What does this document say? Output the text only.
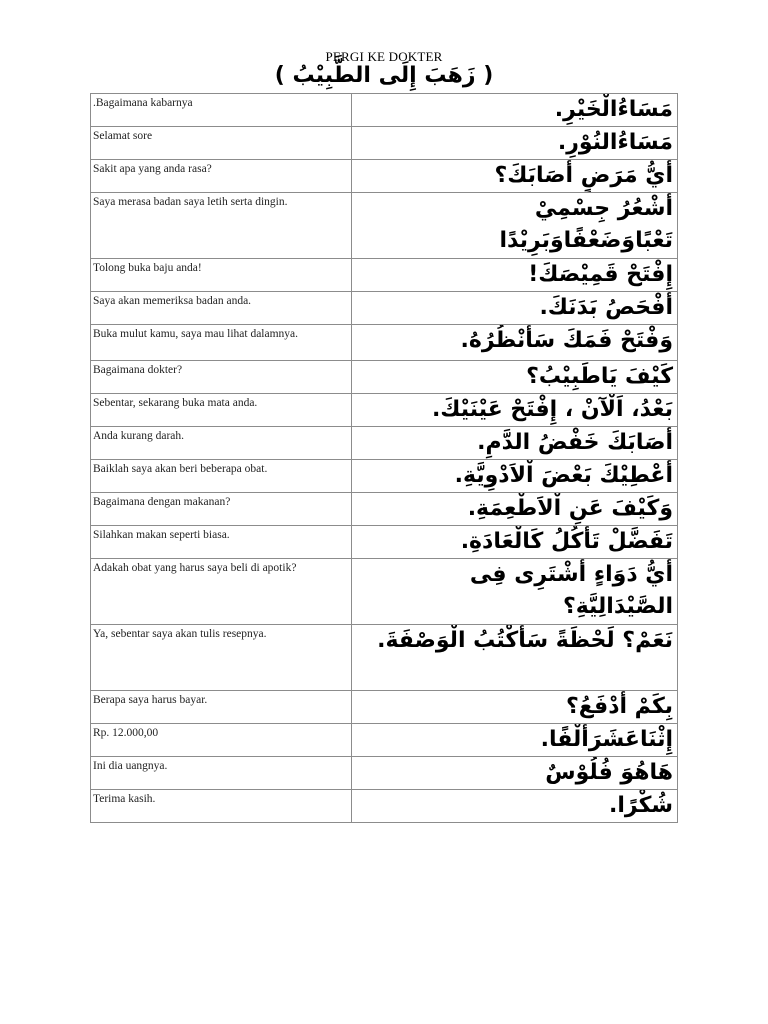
PERGI KE DOKTER
( زَهَبَ إِلَى الطَّبِيْبُ )
.Bagaimana kabarnya	مَسَاءُالْخَيْرِ.
Selamat sore	مَسَاءُالنُوْرِ.
Sakit apa yang anda rasa?	أَيُّ مَرَضٍ أَصَابَكَ؟
Saya merasa badan saya letih serta dingin.	أَشْعُرُ جِسْمِيْ تَعْبًاوَضَعْفًاوَبَرِيْدًا
Tolong buka baju anda!	إِفْتَحْ قَمِيْصَكَ!
Saya akan memeriksa badan anda.	أَفْحَصُ بَدَنَكَ.
Buka mulut kamu, saya mau lihat dalamnya.	وَفْتَحْ فَمَكَ سَأَنْظُرُهُ.
Bagaimana dokter?	كَيْفَ يَاطَبِيْبُ؟
Sebentar, sekarang buka mata anda.	بَعْدُ، اَلْآنْ ، إِفْتَحْ عَيْنَيْكَ.
Anda kurang darah.	أَصَابَكَ خَفْضُ الدَّمِ.
Baiklah saya akan beri beberapa obat.	أُعْطِيْكَ بَعْضَ اْلاَدْوِيَّةِ.
Bagaimana dengan makanan?	وَكَيْفَ عَنِ اْلاَطْعِمَةِ.
Silahkan makan seperti biasa.	تَفَضَّلْ تَأْكُلُ كَالْعَادَةِ.
Adakah obat yang harus saya beli di apotik?	أَيُّ دَوَاءٍ أَشْتَرِى فِى الصَّيْدَالِيَّةِ؟
Ya, sebentar saya akan tulis resepnya.	نَعَمْ؟ لَحْظَةً سَأَكْتُبُ الْوَصْفَةَ.
Berapa saya harus bayar.	بِكَمْ أَدْفَعُ؟
Rp. 12.000,00	إِثْنَاعَشَرَأَلْفًا.
Ini dia uangnya.	هَاهُوَ فُلُوْسٌ
Terima kasih.	شُكْرًا.
